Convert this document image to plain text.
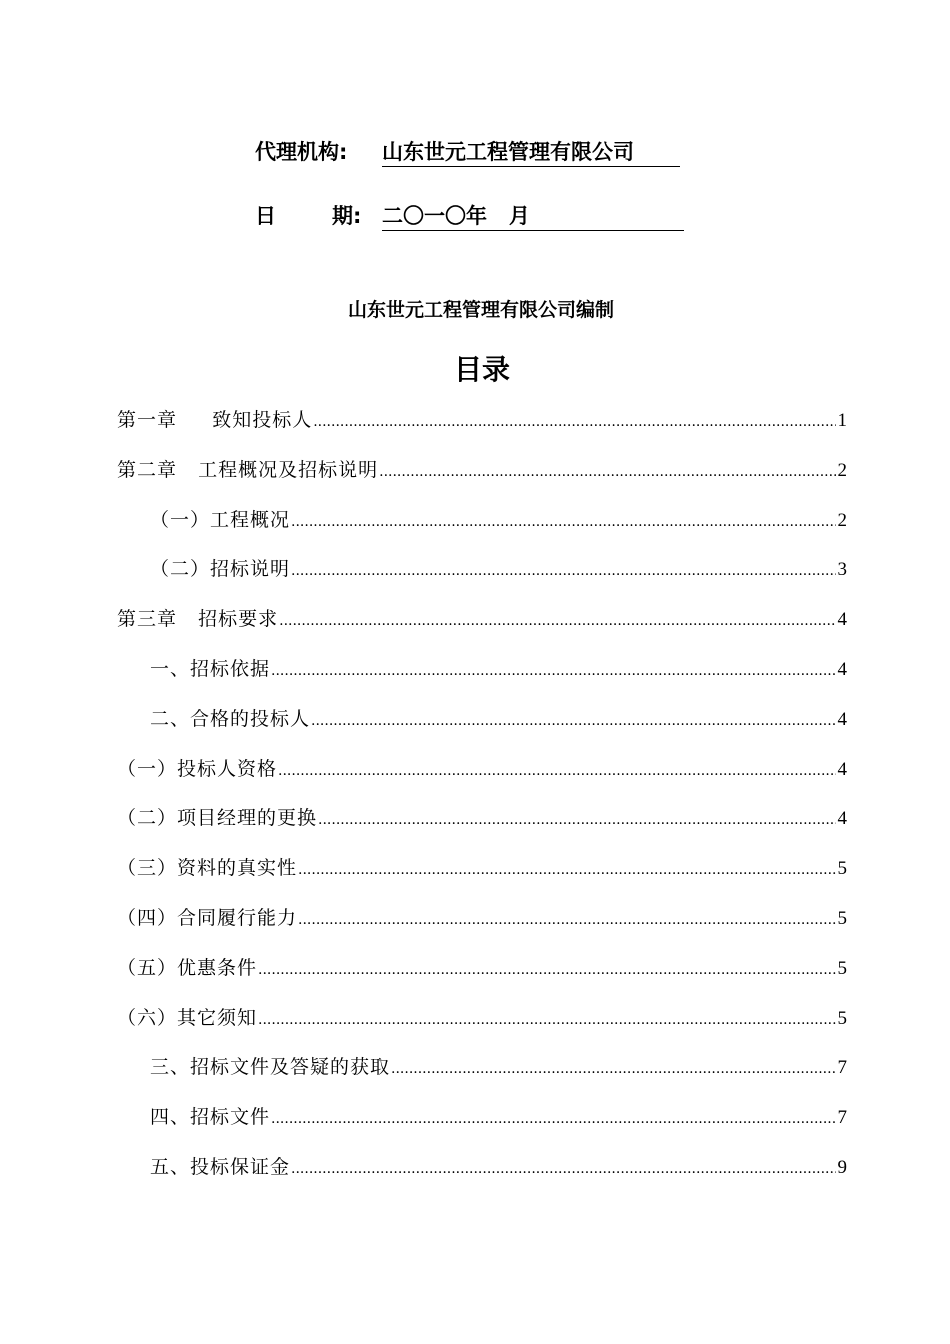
代理机构: 山东世元工程管理有限公司
日	期: 二〇一〇年   月
山东世元工程管理有限公司编制
目录
第一章     致知投标人 .....	1
第二章   工程概况及招标说明 .....	2
（一）工程概况 .....	2
（二）招标说明 .....	3
第三章   招标要求 .....	4
一、招标依据 .....	4
二、合格的投标人 .....	4
（一）投标人资格 .....	4
（二）项目经理的更换 .....	4
（三）资料的真实性 .....	5
（四）合同履行能力 .....	5
（五）优惠条件 .....	5
（六）其它须知 .....	5
三、招标文件及答疑的获取 .....	7
四、招标文件 .....	7
五、投标保证金 .....	9
